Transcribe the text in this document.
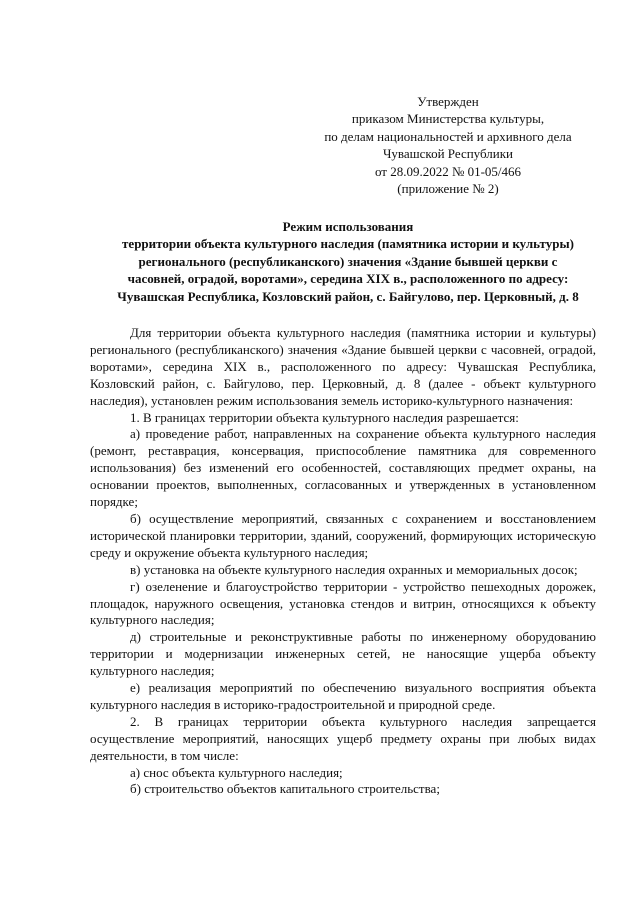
Утвержден
приказом Министерства культуры,
по делам национальностей и архивного дела
Чувашской Республики
от 28.09.2022 № 01-05/466
(приложение № 2)
Режим использования
территории объекта культурного наследия (памятника истории и культуры)
регионального (республиканского) значения «Здание бывшей церкви с
часовней, оградой, воротами», середина XIX в., расположенного по адресу:
Чувашская Республика, Козловский район, с. Байгулово, пер. Церковный, д. 8

Для территории объекта культурного наследия (памятника истории и культуры) регионального (республиканского) значения «Здание бывшей церкви с часовней, оградой, воротами», середина XIX в., расположенного по адресу: Чувашская Республика, Козловский район, с. Байгулово, пер. Церковный, д. 8 (далее - объект культурного наследия), установлен режим использования земель историко-культурного назначения:

1. В границах территории объекта культурного наследия разрешается:

а) проведение работ, направленных на сохранение объекта культурного наследия (ремонт, реставрация, консервация, приспособление памятника для современного использования) без изменений его особенностей, составляющих предмет охраны, на основании проектов, выполненных, согласованных и утвержденных в установленном порядке;

б) осуществление мероприятий, связанных с сохранением и восстановлением исторической планировки территории, зданий, сооружений, формирующих историческую среду и окружение объекта культурного наследия;

в) установка на объекте культурного наследия охранных и мемориальных досок;

г) озеленение и благоустройство территории - устройство пешеходных дорожек, площадок, наружного освещения, установка стендов и витрин, относящихся к объекту культурного наследия;

д) строительные и реконструктивные работы по инженерному оборудованию территории и модернизации инженерных сетей, не наносящие ущерба объекту культурного наследия;

е) реализация мероприятий по обеспечению визуального восприятия объекта культурного наследия в историко-градостроительной и природной среде.

2. В границах территории объекта культурного наследия запрещается осуществление мероприятий, наносящих ущерб предмету охраны при любых видах деятельности, в том числе:

а) снос объекта культурного наследия;

б) строительство объектов капитального строительства;
